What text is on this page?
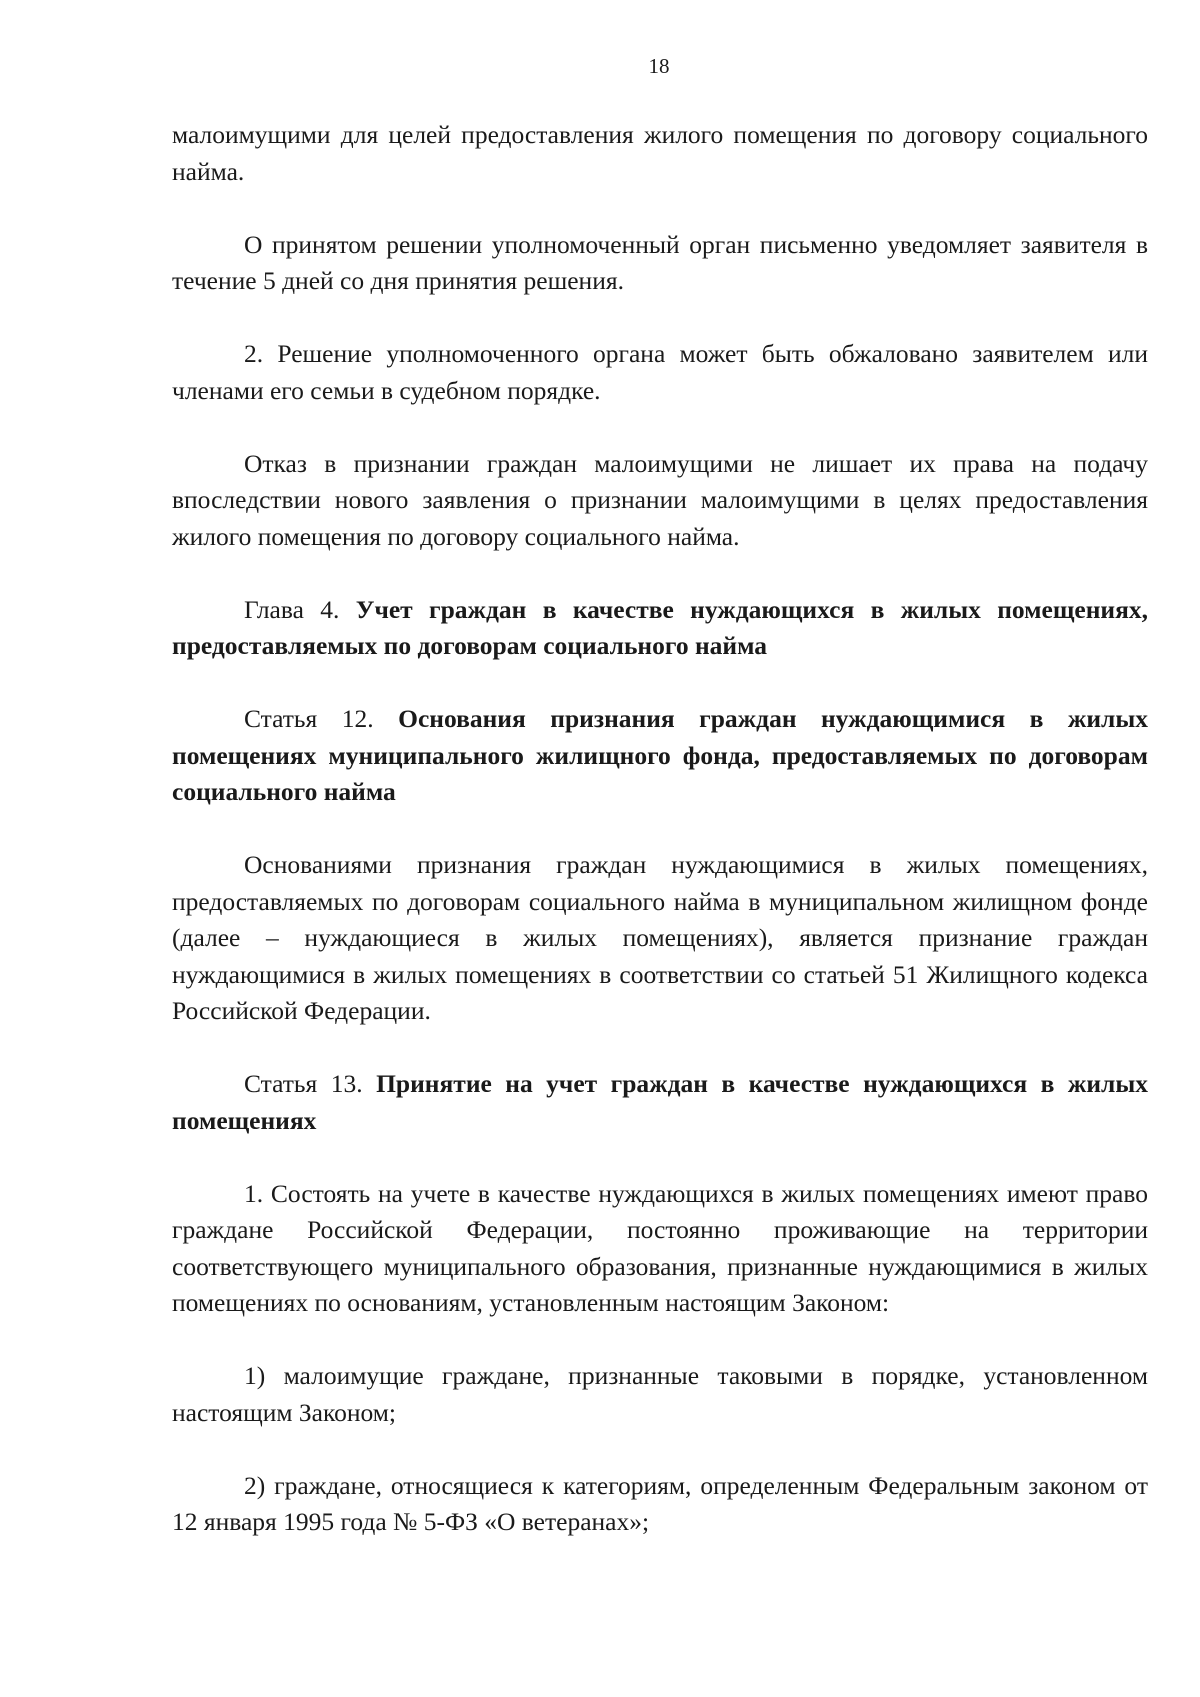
18

малоимущими для целей предоставления жилого помещения по договору социального найма.

О принятом решении уполномоченный орган письменно уведомляет заявителя в течение 5 дней со дня принятия решения.

2. Решение уполномоченного органа может быть обжаловано заявителем или членами его семьи в судебном порядке.

Отказ в признании граждан малоимущими не лишает их права на подачу впоследствии нового заявления о признании малоимущими в целях предоставления жилого помещения по договору социального найма.

Глава 4. Учет граждан в качестве нуждающихся в жилых помещениях, предоставляемых по договорам социального найма

Статья 12. Основания признания граждан нуждающимися в жилых помещениях муниципального жилищного фонда, предоставляемых по договорам социального найма

Основаниями признания граждан нуждающимися в жилых помещениях, предоставляемых по договорам социального найма в муниципальном жилищном фонде (далее – нуждающиеся в жилых помещениях), является признание граждан нуждающимися в жилых помещениях в соответствии со статьей 51 Жилищного кодекса Российской Федерации.

Статья 13. Принятие на учет граждан в качестве нуждающихся в жилых помещениях

1. Состоять на учете в качестве нуждающихся в жилых помещениях имеют право граждане Российской Федерации, постоянно проживающие на территории соответствующего муниципального образования, признанные нуждающимися в жилых помещениях по основаниям, установленным настоящим Законом:

1) малоимущие граждане, признанные таковыми в порядке, установленном настоящим Законом;

2) граждане, относящиеся к категориям, определенным Федеральным законом от 12 января 1995 года № 5-ФЗ «О ветеранах»;
